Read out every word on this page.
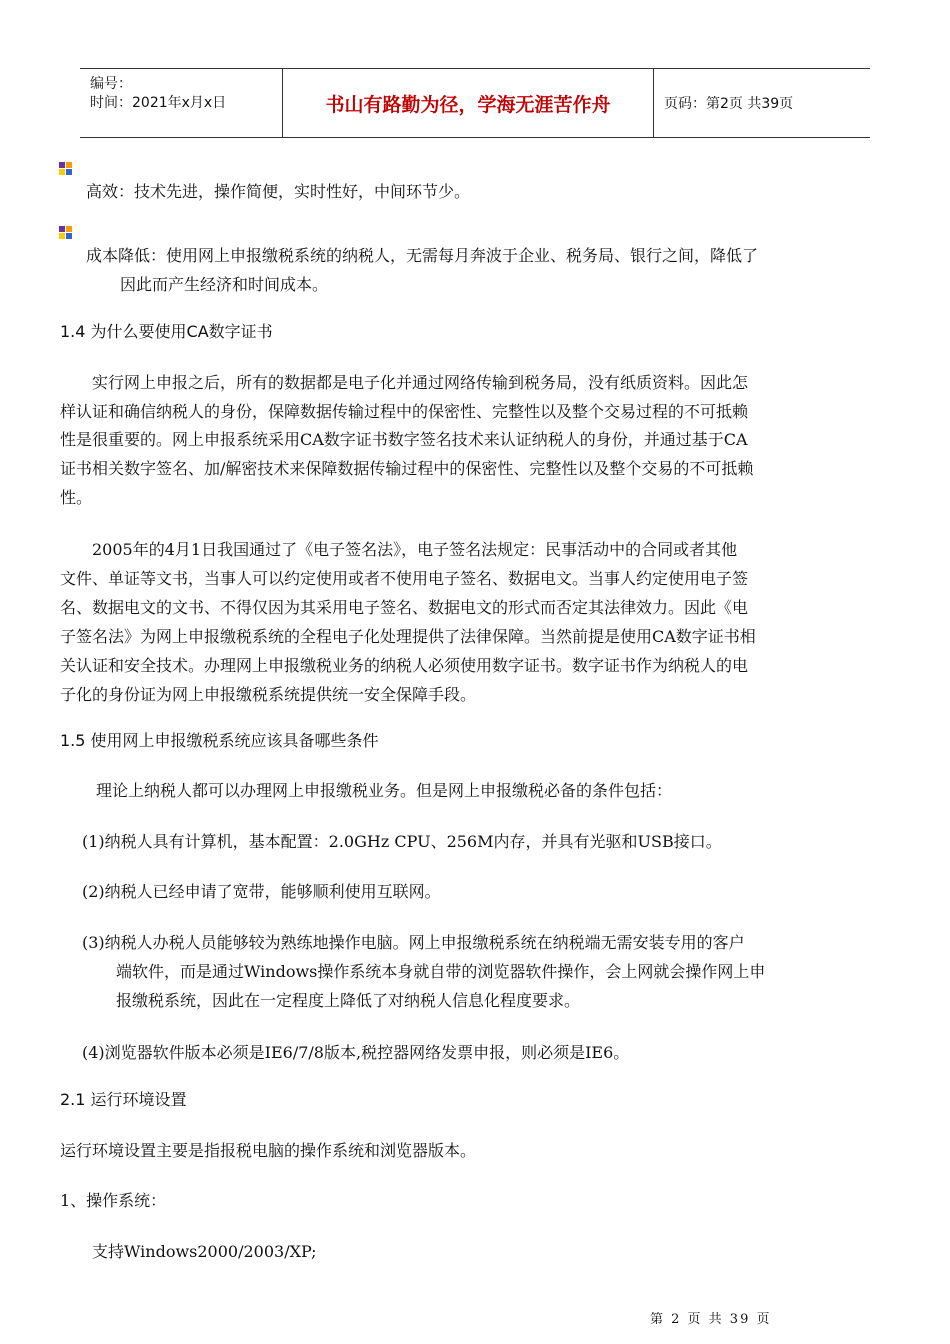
编号：
时间：2021年x月x日	书山有路勤为径，学海无涯苦作舟	页码：第2页 共39页
高效：技术先进，操作简便，实时性好，中间环节少。
成本降低：使用网上申报缴税系统的纳税人，无需每月奔波于企业、税务局、银行之间，降低了
因此而产生经济和时间成本。
1.4 为什么要使用CA数字证书
实行网上申报之后，所有的数据都是电子化并通过网络传输到税务局，没有纸质资料。因此怎
样认证和确信纳税人的身份，保障数据传输过程中的保密性、完整性以及整个交易过程的不可抵赖
性是很重要的。网上申报系统采用CA数字证书数字签名技术来认证纳税人的身份，并通过基于CA
证书相关数字签名、加/解密技术来保障数据传输过程中的保密性、完整性以及整个交易的不可抵赖
性。
2005年的4月1日我国通过了《电子签名法》，电子签名法规定：民事活动中的合同或者其他
文件、单证等文书，当事人可以约定使用或者不使用电子签名、数据电文。当事人约定使用电子签
名、数据电文的文书、不得仅因为其采用电子签名、数据电文的形式而否定其法律效力。因此《电
子签名法》为网上申报缴税系统的全程电子化处理提供了法律保障。当然前提是使用CA数字证书相
关认证和安全技术。办理网上申报缴税业务的纳税人必须使用数字证书。数字证书作为纳税人的电
子化的身份证为网上申报缴税系统提供统一安全保障手段。
1.5 使用网上申报缴税系统应该具备哪些条件
理论上纳税人都可以办理网上申报缴税业务。但是网上申报缴税必备的条件包括：
(1)纳税人具有计算机，基本配置：2.0GHz CPU、256M内存，并具有光驱和USB接口。
(2)纳税人已经申请了宽带，能够顺利使用互联网。
(3)纳税人办税人员能够较为熟练地操作电脑。网上申报缴税系统在纳税端无需安装专用的客户
端软件，而是通过Windows操作系统本身就自带的浏览器软件操作，会上网就会操作网上申
报缴税系统，因此在一定程度上降低了对纳税人信息化程度要求。
(4)浏览器软件版本必须是IE6/7/8版本,税控器网络发票申报，则必须是IE6。
2.1 运行环境设置
运行环境设置主要是指报税电脑的操作系统和浏览器版本。
1、操作系统：
支持Windows2000/2003/XP;
第 2 页 共 39 页
